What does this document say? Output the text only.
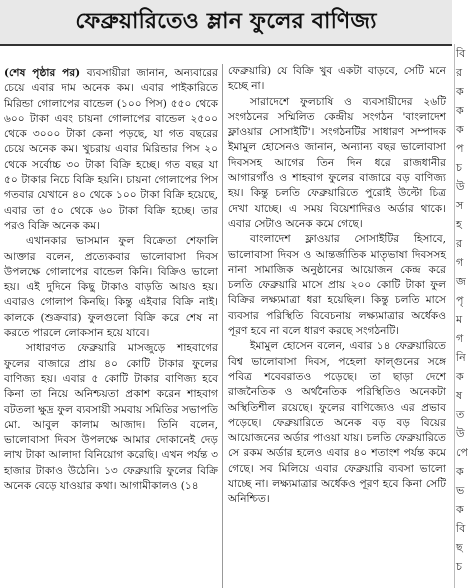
ফেব্রুয়ারিতেও ম্লান ফুলের বাণিজ্য

(শেষ পৃষ্ঠার পর) ব্যবসায়ীরা জানান, অন্যবারের চেয়ে এবার দাম অনেক কম। এবার পাইকারিতে মিরিন্ডা গোলাপের বান্ডেল (১০০ পিস) ৫৫০ থেকে ৬০০ টাকা এবং চায়না গোলাপের বান্ডেল ২৫০০ থেকে ৩০০০ টাকা কেনা পড়ছে, যা গত বছরের চেয়ে অনেক কম। খুচরায় এবার মিরিন্ডার পিস ২০ থেকে সর্বোচ্চ ৩০ টাকা বিক্রি হচ্ছে। গত বছর যা ৫০ টাকার নিচে বিক্রি হয়নি। চায়না গোলাপের পিস গতবার যেখানে ৪০ থেকে ১০০ টাকা বিক্রি হয়েছে, এবার তা ৫০ থেকে ৬০ টাকা বিক্রি হচ্ছে। তার পরও বিক্রি অনেক কম।

এখানকার ভাসমান ফুল বিক্রেতা শেফালি আক্তার বলেন, প্রত্যেকবার ভালোবাসা দিবস উপলক্ষে গোলাপের বান্ডেল কিনি। বিক্রিও ভালো হয়। এই দুদিনে কিছু টাকাও বাড়তি আয়ও হয়। এবারও গোলাপ কিনছি। কিন্তু এইবার বিক্রি নাই। কালকে (শুক্রবার) ফুলগুলো বিক্রি করে শেষ না করতে পারলে লোকসান হয়ে যাবে।

সাধারণত ফেব্রুয়ারি মাসজুড়ে শাহবাগের ফুলের বাজারে প্রায় ৪০ কোটি টাকার ফুলের বাণিজ্য হয়। এবার ৫ কোটি টাকার বাণিজ্য হবে কিনা তা নিয়ে অনিশ্চয়তা প্রকাশ করেন শাহবাগ বটতলা ক্ষুদ্র ফুল ব্যবসায়ী সমবায় সমিতির সভাপতি মো. আবুল কালাম আজাদ। তিনি বলেন, ভালোবাসা দিবস উপলক্ষে আমার দোকানেই দেড় লাখ টাকা আলাদা বিনিয়োগ করেছি। এখন পর্যন্ত ৩ হাজার টাকাও উঠেনি। ১৩ ফেব্রুয়ারি ফুলের বিক্রি অনেক বেড়ে যাওয়ার কথা। আগামীকালও (১৪

ফেব্রুয়ারি) যে বিক্রি খুব একটা বাড়বে, সেটি মনে হচ্ছে না।

সারাদেশে ফুলচাষি ও ব্যবসায়ীদের ২৬টি সংগঠনের সম্মিলিত কেন্দ্রীয় সংগঠন 'বাংলাদেশ ফ্লাওয়ার সোসাইটি'। সংগঠনটির সাধারণ সম্পাদক ইমামুল হোসেনও জানান, অন্যান্য বছর ভালোবাসা দিবসসহ আগের তিন দিন ধরে রাজধানীর আগারগাঁও ও শাহবাগ ফুলের বাজারে বড় বাণিজ্য হয়। কিন্তু চলতি ফেব্রুয়ারিতে পুরোই উল্টো চিত্র দেখা যাচ্ছে। এ সময় বিয়েশাদিরও অর্ডার থাকে। এবার সেটাও অনেক কমে গেছে।

বাংলাদেশ ফ্লাওয়ার সোসাইটির হিসাবে, ভালোবাসা দিবস ও আন্তর্জাতিক মাতৃভাষা দিবসসহ নানা সামাজিক অনুষ্ঠানের আয়োজন কেন্দ্র করে চলতি ফেব্রুয়ারি মাসে প্রায় ২০০ কোটি টাকা ফুল বিক্রির লক্ষ্যমাত্রা ধরা হয়েছিল। কিন্তু চলতি মাসে ব্যবসার পরিস্থিতি বিবেচনায় লক্ষ্যমাত্রার অর্ধেকও পূরণ হবে না বলে ধারণ করছে সংগঠনটি।

ইমামুল হোসেন বলেন, এবার ১৪ ফেব্রুয়ারিতে বিশ্ব ভালোবাসা দিবস, পহেলা ফাল্গুনের সঙ্গে পবিত্র শবেবরাতও পড়েছে। তা ছাড়া দেশে রাজনৈতিক ও অর্থনৈতিক পরিস্থিতিও অনেকটা অস্থিতিশীল রয়েছে। ফুলের বাণিজ্যেও এর প্রভাব পড়েছে। ফেব্রুয়ারিতে অনেক বড় বড় বিয়ের আয়োজনের অর্ডার পাওয়া যায়। চলতি ফেব্রুয়ারিতে সে রকম অর্ডার হলেও এবার ৪০ শতাংশ পর্যন্ত কমে গেছে। সব মিলিয়ে এবার ফেব্রুয়ারি ব্যবসা ভালো যাচ্ছে না। লক্ষ্যমাত্রার অর্ধেকও পূরণ হবে কিনা সেটি অনিশ্চিত।

বি
র
ক
ক
ক
প
চ
উ
স
হ
র
গ
জ
পৃ
ম
গ
নি
ক
ষ
ত
উ
পে
ক
ভ
ক
বি
ছ
চ
